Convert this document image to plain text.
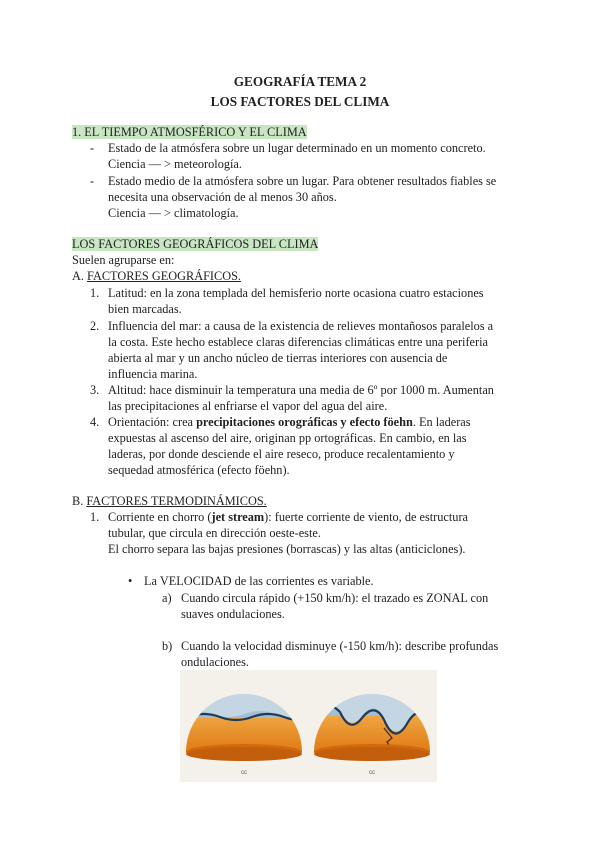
GEOGRAFÍA TEMA 2
LOS FACTORES DEL CLIMA
1. EL TIEMPO ATMOSFÉRICO Y EL CLIMA
- Estado de la atmósfera sobre un lugar determinado en un momento concreto.
Ciencia — > meteorología.
- Estado medio de la atmósfera sobre un lugar. Para obtener resultados fiables se
necesita una observación de al menos 30 años.
Ciencia — > climatología.
LOS FACTORES GEOGRÁFICOS DEL CLIMA
Suelen agruparse en:
A. FACTORES GEOGRÁFICOS.
1. Latitud: en la zona templada del hemisferio norte ocasiona cuatro estaciones
bien marcadas.
2. Influencia del mar: a causa de la existencia de relieves montañosos paralelos a
la costa. Este hecho establece claras diferencias climáticas entre una periferia
abierta al mar y un ancho núcleo de tierras interiores con ausencia de
influencia marina.
3. Altitud: hace disminuir la temperatura una media de 6º por 1000 m. Aumentan
las precipitaciones al enfriarse el vapor del agua del aire.
4. Orientación: crea precipitaciones orográficas y efecto föehn. En laderas
expuestas al ascenso del aire, originan pp ortográficas. En cambio, en las
laderas, por donde desciende el aire reseco, produce recalentamiento y
sequedad atmosférica (efecto föehn).
B. FACTORES TERMODINÁMICOS.
1. Corriente en chorro (jet stream): fuerte corriente de viento, de estructura
tubular, que circula en dirección oeste-este.
El chorro separa las bajas presiones (borrascas) y las altas (anticiclones).
• La VELOCIDAD de las corrientes es variable.
a) Cuando circula rápido (+150 km/h): el trazado es ZONAL con
suaves ondulaciones.
b) Cuando la velocidad disminuye (-150 km/h): describe profundas
ondulaciones.
cc	cc
